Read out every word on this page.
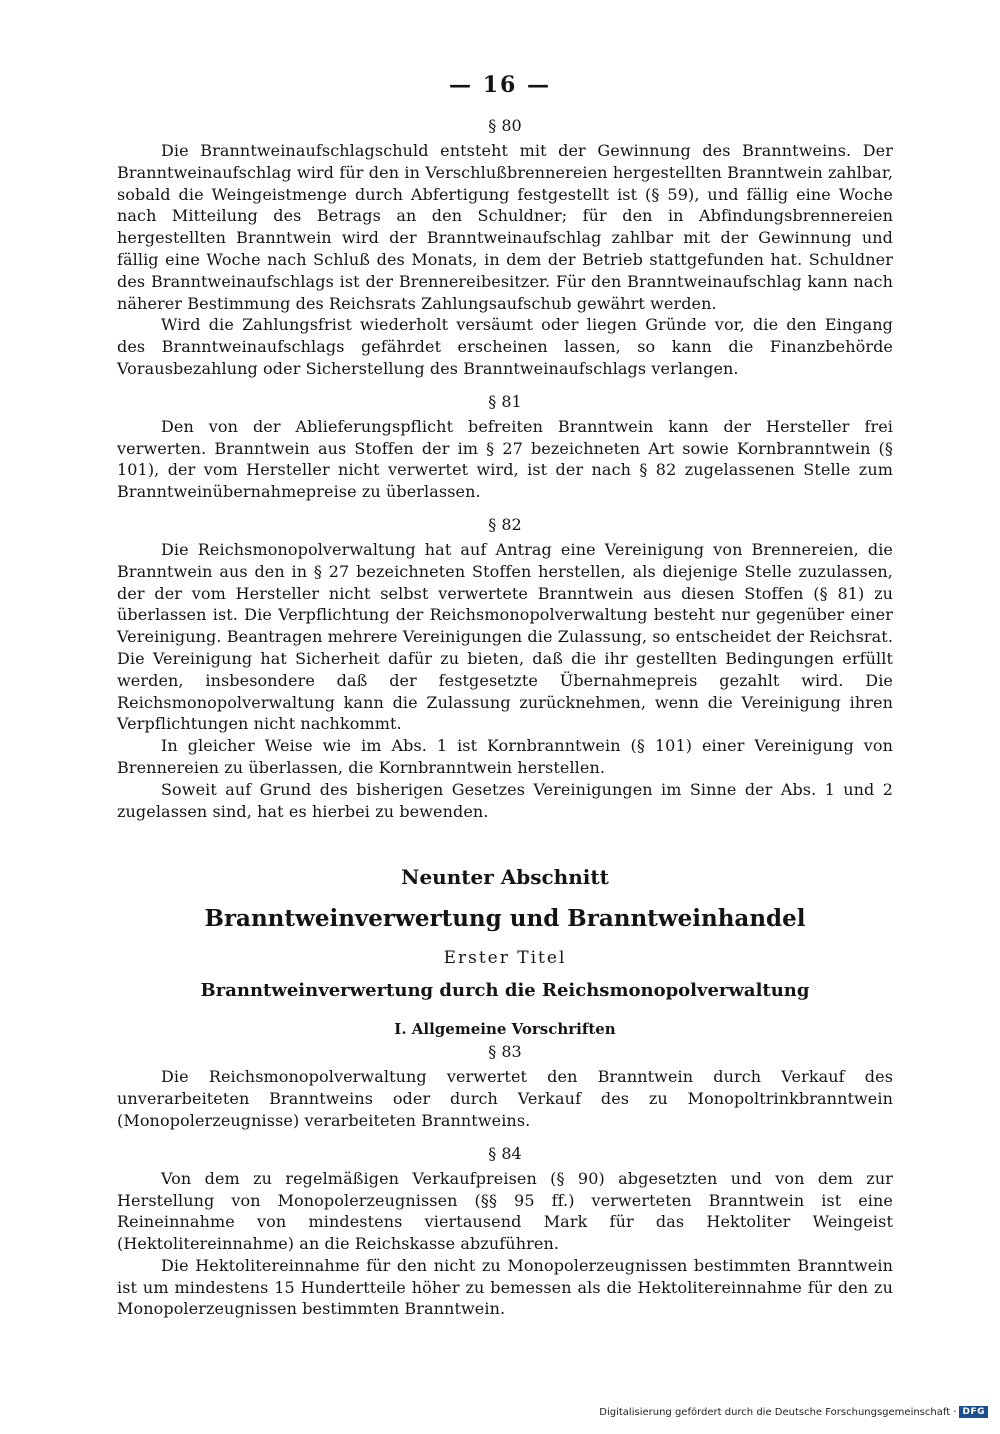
— 16 —
§ 80

Die Branntweinaufschlagschuld entsteht mit der Gewinnung des Branntweins. Der Branntweinaufschlag wird für den in Verschlußbrennereien hergestellten Branntwein zahlbar, sobald die Weingeistmenge durch Abfertigung festgestellt ist (§ 59), und fällig eine Woche nach Mitteilung des Betrags an den Schuldner; für den in Abfindungsbrennereien hergestellten Branntwein wird der Branntweinaufschlag zahlbar mit der Gewinnung und fällig eine Woche nach Schluß des Monats, in dem der Betrieb stattgefunden hat. Schuldner des Branntweinaufschlags ist der Brennereibesitzer. Für den Branntweinaufschlag kann nach näherer Bestimmung des Reichsrats Zahlungsaufschub gewährt werden.

Wird die Zahlungsfrist wiederholt versäumt oder liegen Gründe vor, die den Eingang des Branntweinaufschlags gefährdet erscheinen lassen, so kann die Finanzbehörde Vorausbezahlung oder Sicherstellung des Branntweinaufschlags verlangen.

§ 81

Den von der Ablieferungspflicht befreiten Branntwein kann der Hersteller frei verwerten. Branntwein aus Stoffen der im § 27 bezeichneten Art sowie Kornbranntwein (§ 101), der vom Hersteller nicht verwertet wird, ist der nach § 82 zugelassenen Stelle zum Branntweinübernahmepreise zu überlassen.

§ 82

Die Reichsmonopolverwaltung hat auf Antrag eine Vereinigung von Brennereien, die Branntwein aus den in § 27 bezeichneten Stoffen herstellen, als diejenige Stelle zuzulassen, der der vom Hersteller nicht selbst verwertete Branntwein aus diesen Stoffen (§ 81) zu überlassen ist. Die Verpflichtung der Reichsmonopolverwaltung besteht nur gegenüber einer Vereinigung. Beantragen mehrere Vereinigungen die Zulassung, so entscheidet der Reichsrat. Die Vereinigung hat Sicherheit dafür zu bieten, daß die ihr gestellten Bedingungen erfüllt werden, insbesondere daß der festgesetzte Übernahmepreis gezahlt wird. Die Reichsmonopolverwaltung kann die Zulassung zurücknehmen, wenn die Vereinigung ihren Verpflichtungen nicht nachkommt.

In gleicher Weise wie im Abs. 1 ist Kornbranntwein (§ 101) einer Vereinigung von Brennereien zu überlassen, die Kornbranntwein herstellen.

Soweit auf Grund des bisherigen Gesetzes Vereinigungen im Sinne der Abs. 1 und 2 zugelassen sind, hat es hierbei zu bewenden.

Neunter Abschnitt
Branntweinverwertung und Branntweinhandel
Erster Titel
Branntweinverwertung durch die Reichsmonopolverwaltung
I. Allgemeine Vorschriften
§ 83

Die Reichsmonopolverwaltung verwertet den Branntwein durch Verkauf des unverarbeiteten Branntweins oder durch Verkauf des zu Monopoltrinkbranntwein (Monopolerzeugnisse) verarbeiteten Branntweins.

§ 84

Von dem zu regelmäßigen Verkaufpreisen (§ 90) abgesetzten und von dem zur Herstellung von Monopolerzeugnissen (§§ 95 ff.) verwerteten Branntwein ist eine Reineinnahme von mindestens viertausend Mark für das Hektoliter Weingeist (Hektolitereinnahme) an die Reichskasse abzuführen.

Die Hektolitereinnahme für den nicht zu Monopolerzeugnissen bestimmten Branntwein ist um mindestens 15 Hundertteile höher zu bemessen als die Hektolitereinnahme für den zu Monopolerzeugnissen bestimmten Branntwein.

Digitalisierung gefördert durch die Deutsche Forschungsgemeinschaft · DFG
